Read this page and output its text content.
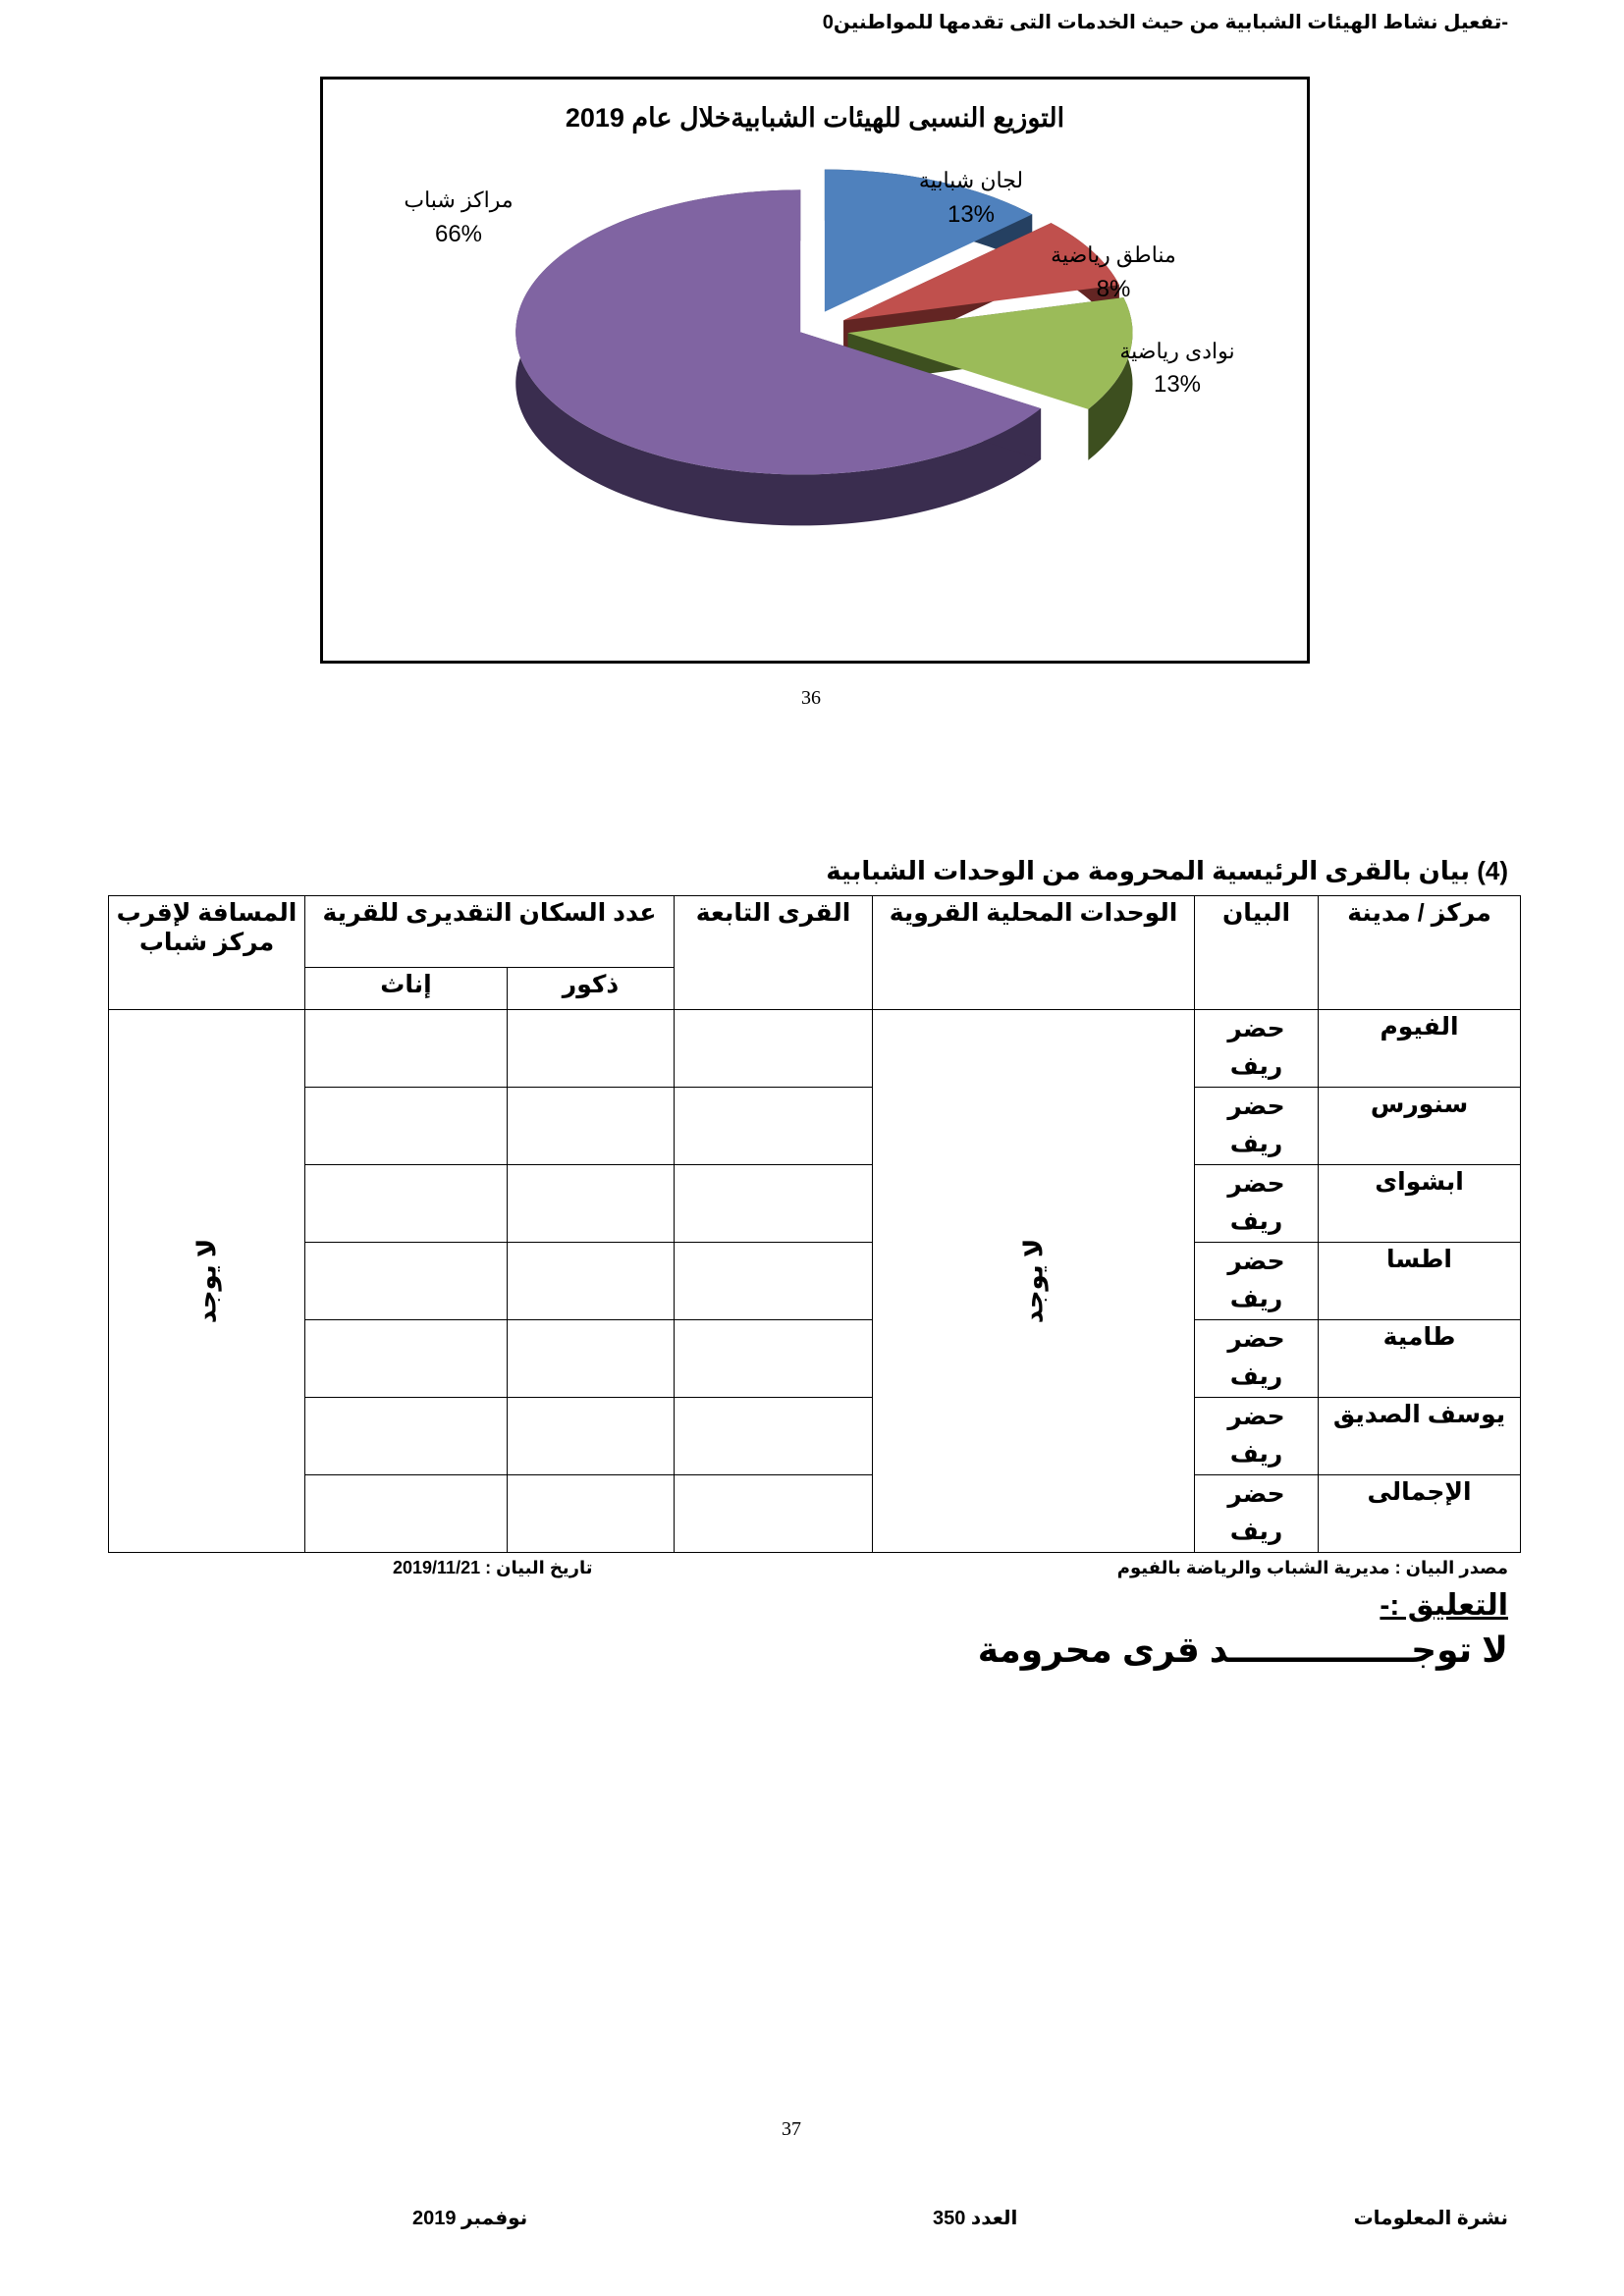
-تفعيل نشاط الهيئات الشبابية من حيث الخدمات التى تقدمها للمواطنين0
التوزيع النسبى للهيئات الشبابيةخلال عام 2019
لجان شبابية
13%
مناطق رياضية
8%
نوادى رياضية
13%
مراكز شباب
66%
36
(4) بيان بالقرى الرئيسية المحرومة من الوحدات الشبابية
مركز / مدينة	البيان	الوحدات المحلية القروية	القرى التابعة	عدد السكان التقديرى للقرية		المسافة لإقرب مركز شباب
				ذكور	إناث	
الفيوم	حضر
ريف	لا يوجد				لا يوجد

سنورس	حضر
ريف					
ابشواى	حضر
ريف					
اطسا	حضر
ريف					
طامية	حضر
ريف					
يوسف الصديق	حضر
ريف					
الإجمالى	حضر
ريف					
مصدر البيان : مديرية الشباب والرياضة بالفيوم
تاريخ البيان : 2019/11/21
التعليق :-
لا توجـــــــــــــــد قرى محرومة
37
نشرة المعلومات
العدد 350
نوفمبر 2019
